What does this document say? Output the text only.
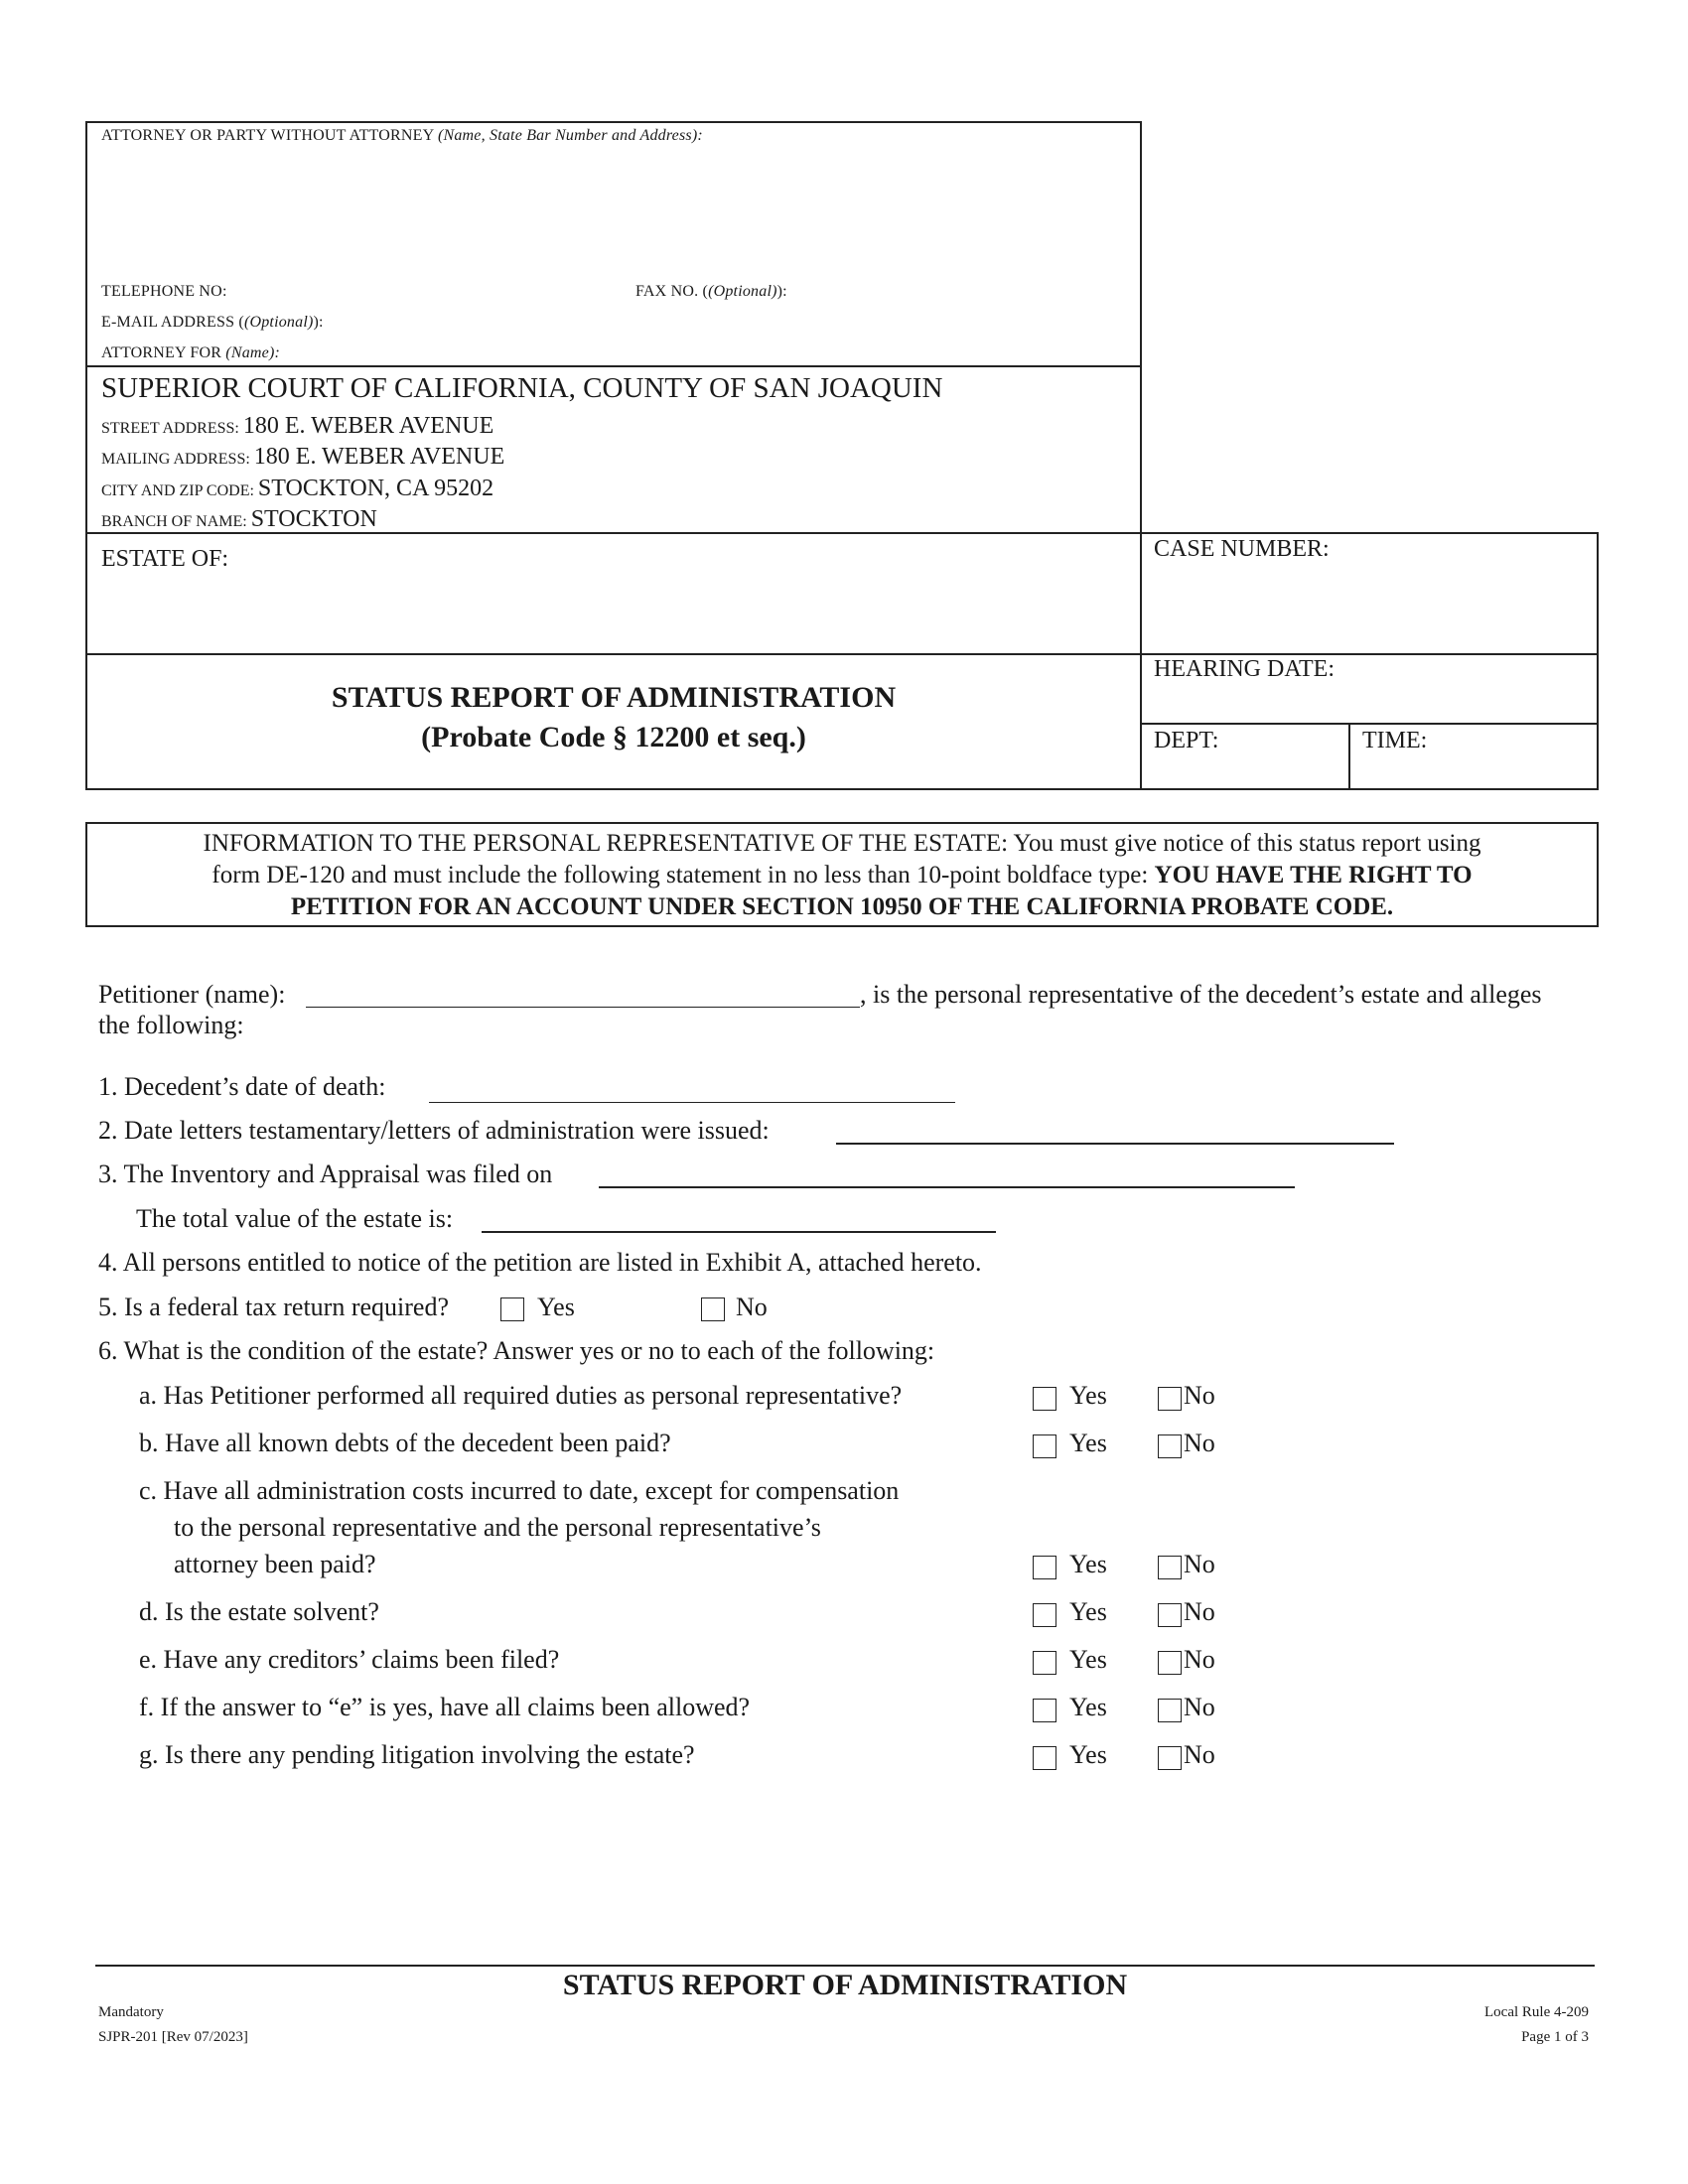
ATTORNEY OR PARTY WITHOUT ATTORNEY (Name, State Bar Number and Address):
TELEPHONE NO:	FAX NO. ((Optional)):
E-MAIL ADDRESS ((Optional)):
ATTORNEY FOR (Name):
SUPERIOR COURT OF CALIFORNIA, COUNTY OF SAN JOAQUIN
STREET ADDRESS: 180 E. WEBER AVENUE
MAILING ADDRESS: 180 E. WEBER AVENUE
CITY AND ZIP CODE: STOCKTON, CA 95202
BRANCH OF NAME: STOCKTON
ESTATE OF:	CASE NUMBER:
STATUS REPORT OF ADMINISTRATION
(Probate Code § 12200 et seq.)
HEARING DATE:
DEPT:	TIME:
INFORMATION TO THE PERSONAL REPRESENTATIVE OF THE ESTATE: You must give notice of this status report using
form DE-120 and must include the following statement in no less than 10-point boldface type: YOU HAVE THE RIGHT TO
PETITION FOR AN ACCOUNT UNDER SECTION 10950 OF THE CALIFORNIA PROBATE CODE.
Petitioner (name):	, is the personal representative of the decedent’s estate and alleges
the following:
1. Decedent’s date of death:
2. Date letters testamentary/letters of administration were issued:
3. The Inventory and Appraisal was filed on
The total value of the estate is:
4. All persons entitled to notice of the petition are listed in Exhibit A, attached hereto.
5. Is a federal tax return required?	Yes	No
6. What is the condition of the estate? Answer yes or no to each of the following:
a. Has Petitioner performed all required duties as personal representative?	Yes	No
b. Have all known debts of the decedent been paid?	Yes	No
c. Have all administration costs incurred to date, except for compensation
to the personal representative and the personal representative’s
attorney been paid?	Yes	No
d. Is the estate solvent?	Yes	No
e. Have any creditors’ claims been filed?	Yes	No
f. If the answer to “e” is yes, have all claims been allowed?	Yes	No
g. Is there any pending litigation involving the estate?	Yes	No
STATUS REPORT OF ADMINISTRATION
Mandatory
SJPR-201 [Rev 07/2023]
Local Rule 4-209
Page 1 of 3
